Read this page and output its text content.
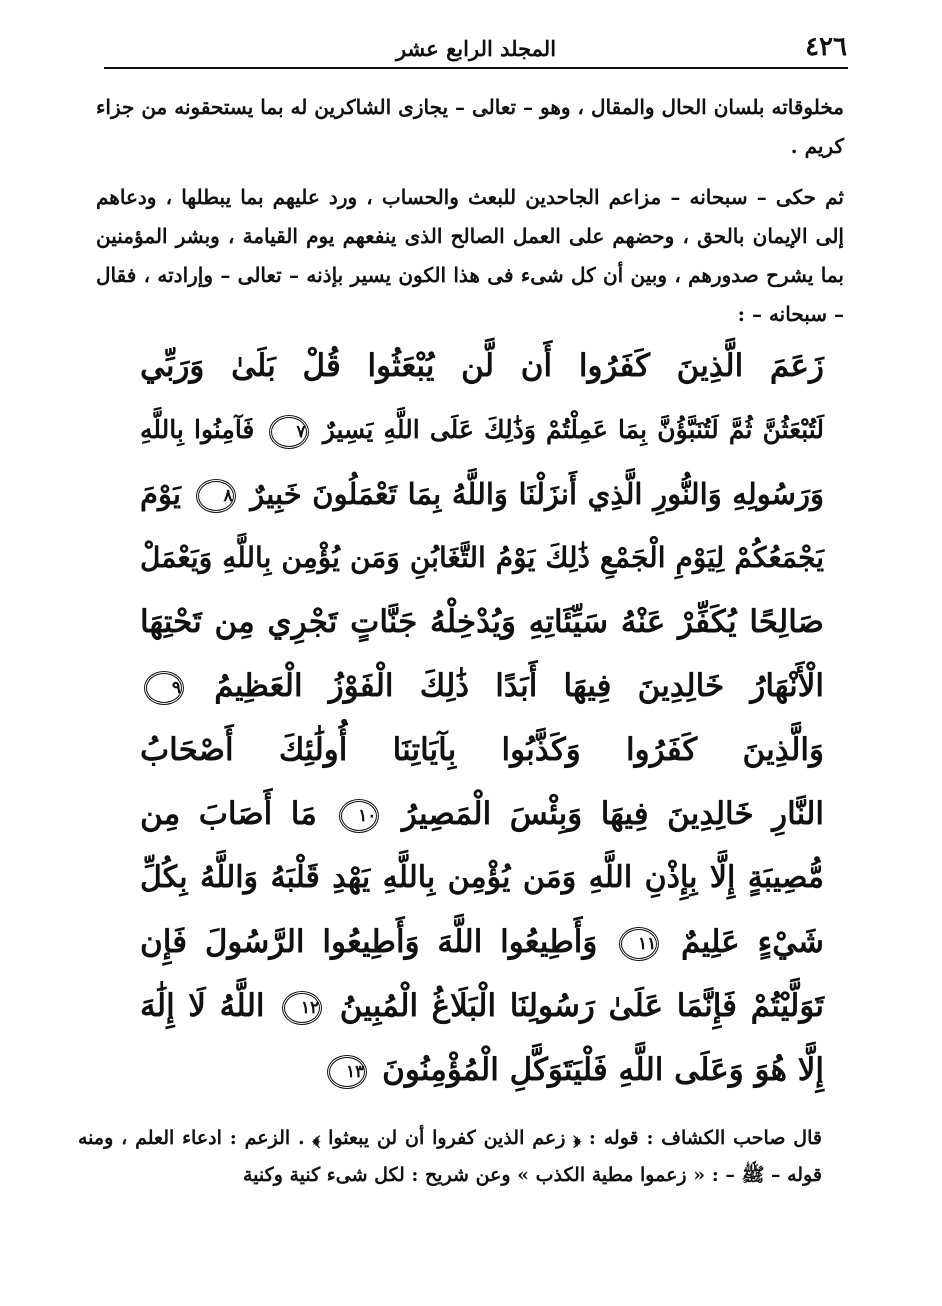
٤٢٦
المجلد الرابع عشر

مخلوقاته بلسان الحال والمقال ، وهو – تعالى – يجازى الشاكرين له بما يستحقونه من جزاء كريم .

ثم حكى – سبحانه – مزاعم الجاحدين للبعث والحساب ، ورد عليهم بما يبطلها ، ودعاهم إلى الإيمان بالحق ، وحضهم على العمل الصالح الذى ينفعهم يوم القيامة ، وبشر المؤمنين بما يشرح صدورهم ، وبين أن كل شىء فى هذا الكون يسير بإذنه – تعالى – وإرادته ، فقال – سبحانه – :

زَعَمَ الَّذِينَ كَفَرُوا أَن لَّن يُبْعَثُوا قُلْ بَلَىٰ وَرَبِّي
لَتُبْعَثُنَّ ثُمَّ لَتُنَبَّؤُنَّ بِمَا عَمِلْتُمْ وَذَٰلِكَ عَلَى اللَّهِ يَسِيرٌ ٧ فَآمِنُوا بِاللَّهِ
وَرَسُولِهِ وَالنُّورِ الَّذِي أَنزَلْنَا وَاللَّهُ بِمَا تَعْمَلُونَ خَبِيرٌ ٨ يَوْمَ
يَجْمَعُكُمْ لِيَوْمِ الْجَمْعِ ذَٰلِكَ يَوْمُ التَّغَابُنِ وَمَن يُؤْمِن بِاللَّهِ وَيَعْمَلْ
صَالِحًا يُكَفِّرْ عَنْهُ سَيِّئَاتِهِ وَيُدْخِلْهُ جَنَّاتٍ تَجْرِي مِن تَحْتِهَا
الْأَنْهَارُ خَالِدِينَ فِيهَا أَبَدًا ذَٰلِكَ الْفَوْزُ الْعَظِيمُ ٩
وَالَّذِينَ كَفَرُوا وَكَذَّبُوا بِآيَاتِنَا أُولَٰئِكَ أَصْحَابُ
النَّارِ خَالِدِينَ فِيهَا وَبِئْسَ الْمَصِيرُ ١٠ مَا أَصَابَ مِن
مُّصِيبَةٍ إِلَّا بِإِذْنِ اللَّهِ وَمَن يُؤْمِن بِاللَّهِ يَهْدِ قَلْبَهُ وَاللَّهُ بِكُلِّ
شَيْءٍ عَلِيمٌ ١١ وَأَطِيعُوا اللَّهَ وَأَطِيعُوا الرَّسُولَ فَإِن
تَوَلَّيْتُمْ فَإِنَّمَا عَلَىٰ رَسُولِنَا الْبَلَاغُ الْمُبِينُ ١٢ اللَّهُ لَا إِلَٰهَ
إِلَّا هُوَ وَعَلَى اللَّهِ فَلْيَتَوَكَّلِ الْمُؤْمِنُونَ ١٣

قال صاحب الكشاف : قوله : ﴿ زعم الذين كفروا أن لن يبعثوا ﴾ . الزعم : ادعاء العلم ، ومنه قوله – ﷺ – : « زعموا مطية الكذب » وعن شريح : لكل شىء كنية وكنية
